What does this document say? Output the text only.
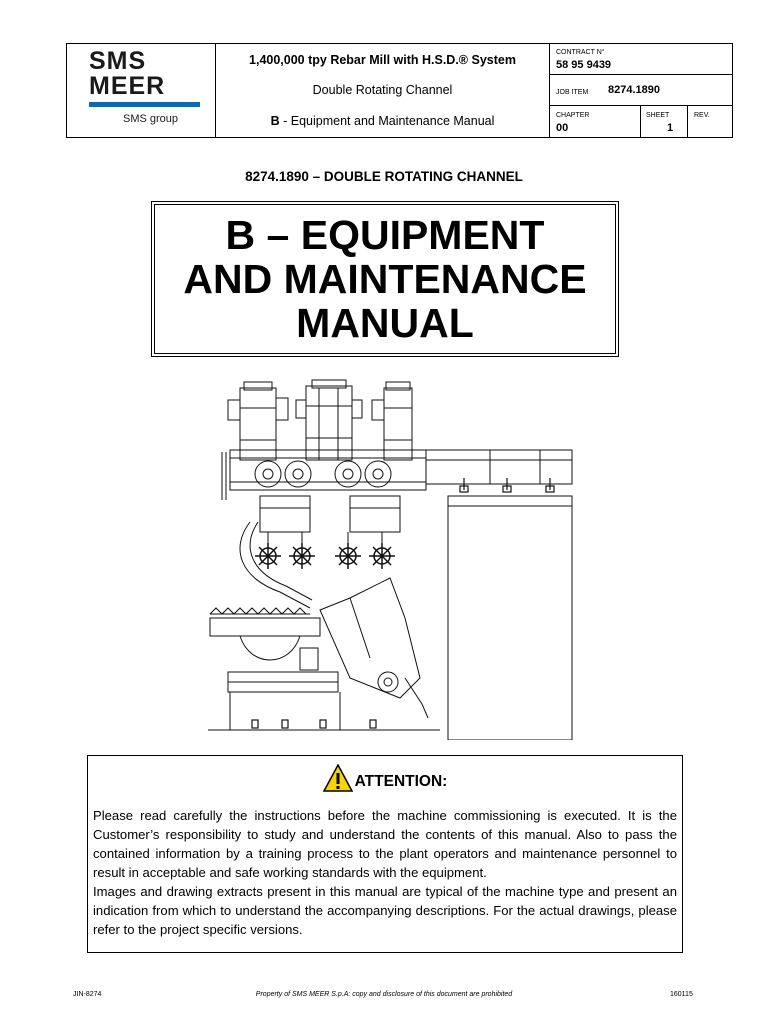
SMS
MEER
SMS group
1,400,000 tpy Rebar Mill with H.S.D.® System
Double Rotating Channel
B - Equipment and Maintenance Manual
CONTRACT N°
58 95 9439
JOB ITEM 8274.1890
CHAPTER
00
SHEET
1
REV.
8274.1890 – DOUBLE ROTATING CHANNEL
B – EQUIPMENT
AND MAINTENANCE
MANUAL
ATTENTION:

Please read carefully the instructions before the machine commissioning is executed. It is the Customer’s responsibility to study and understand the contents of this manual. Also to pass the contained information by a training process to the plant operators and maintenance personnel to result in acceptable and safe working standards with the equipment.

Images and drawing extracts present in this manual are typical of the machine type and present an indication from which to understand the accompanying descriptions. For the actual drawings, please refer to the project specific versions.

JIN-8274	Property of SMS MEER S.p.A: copy and disclosure of this document are prohibited	160115
